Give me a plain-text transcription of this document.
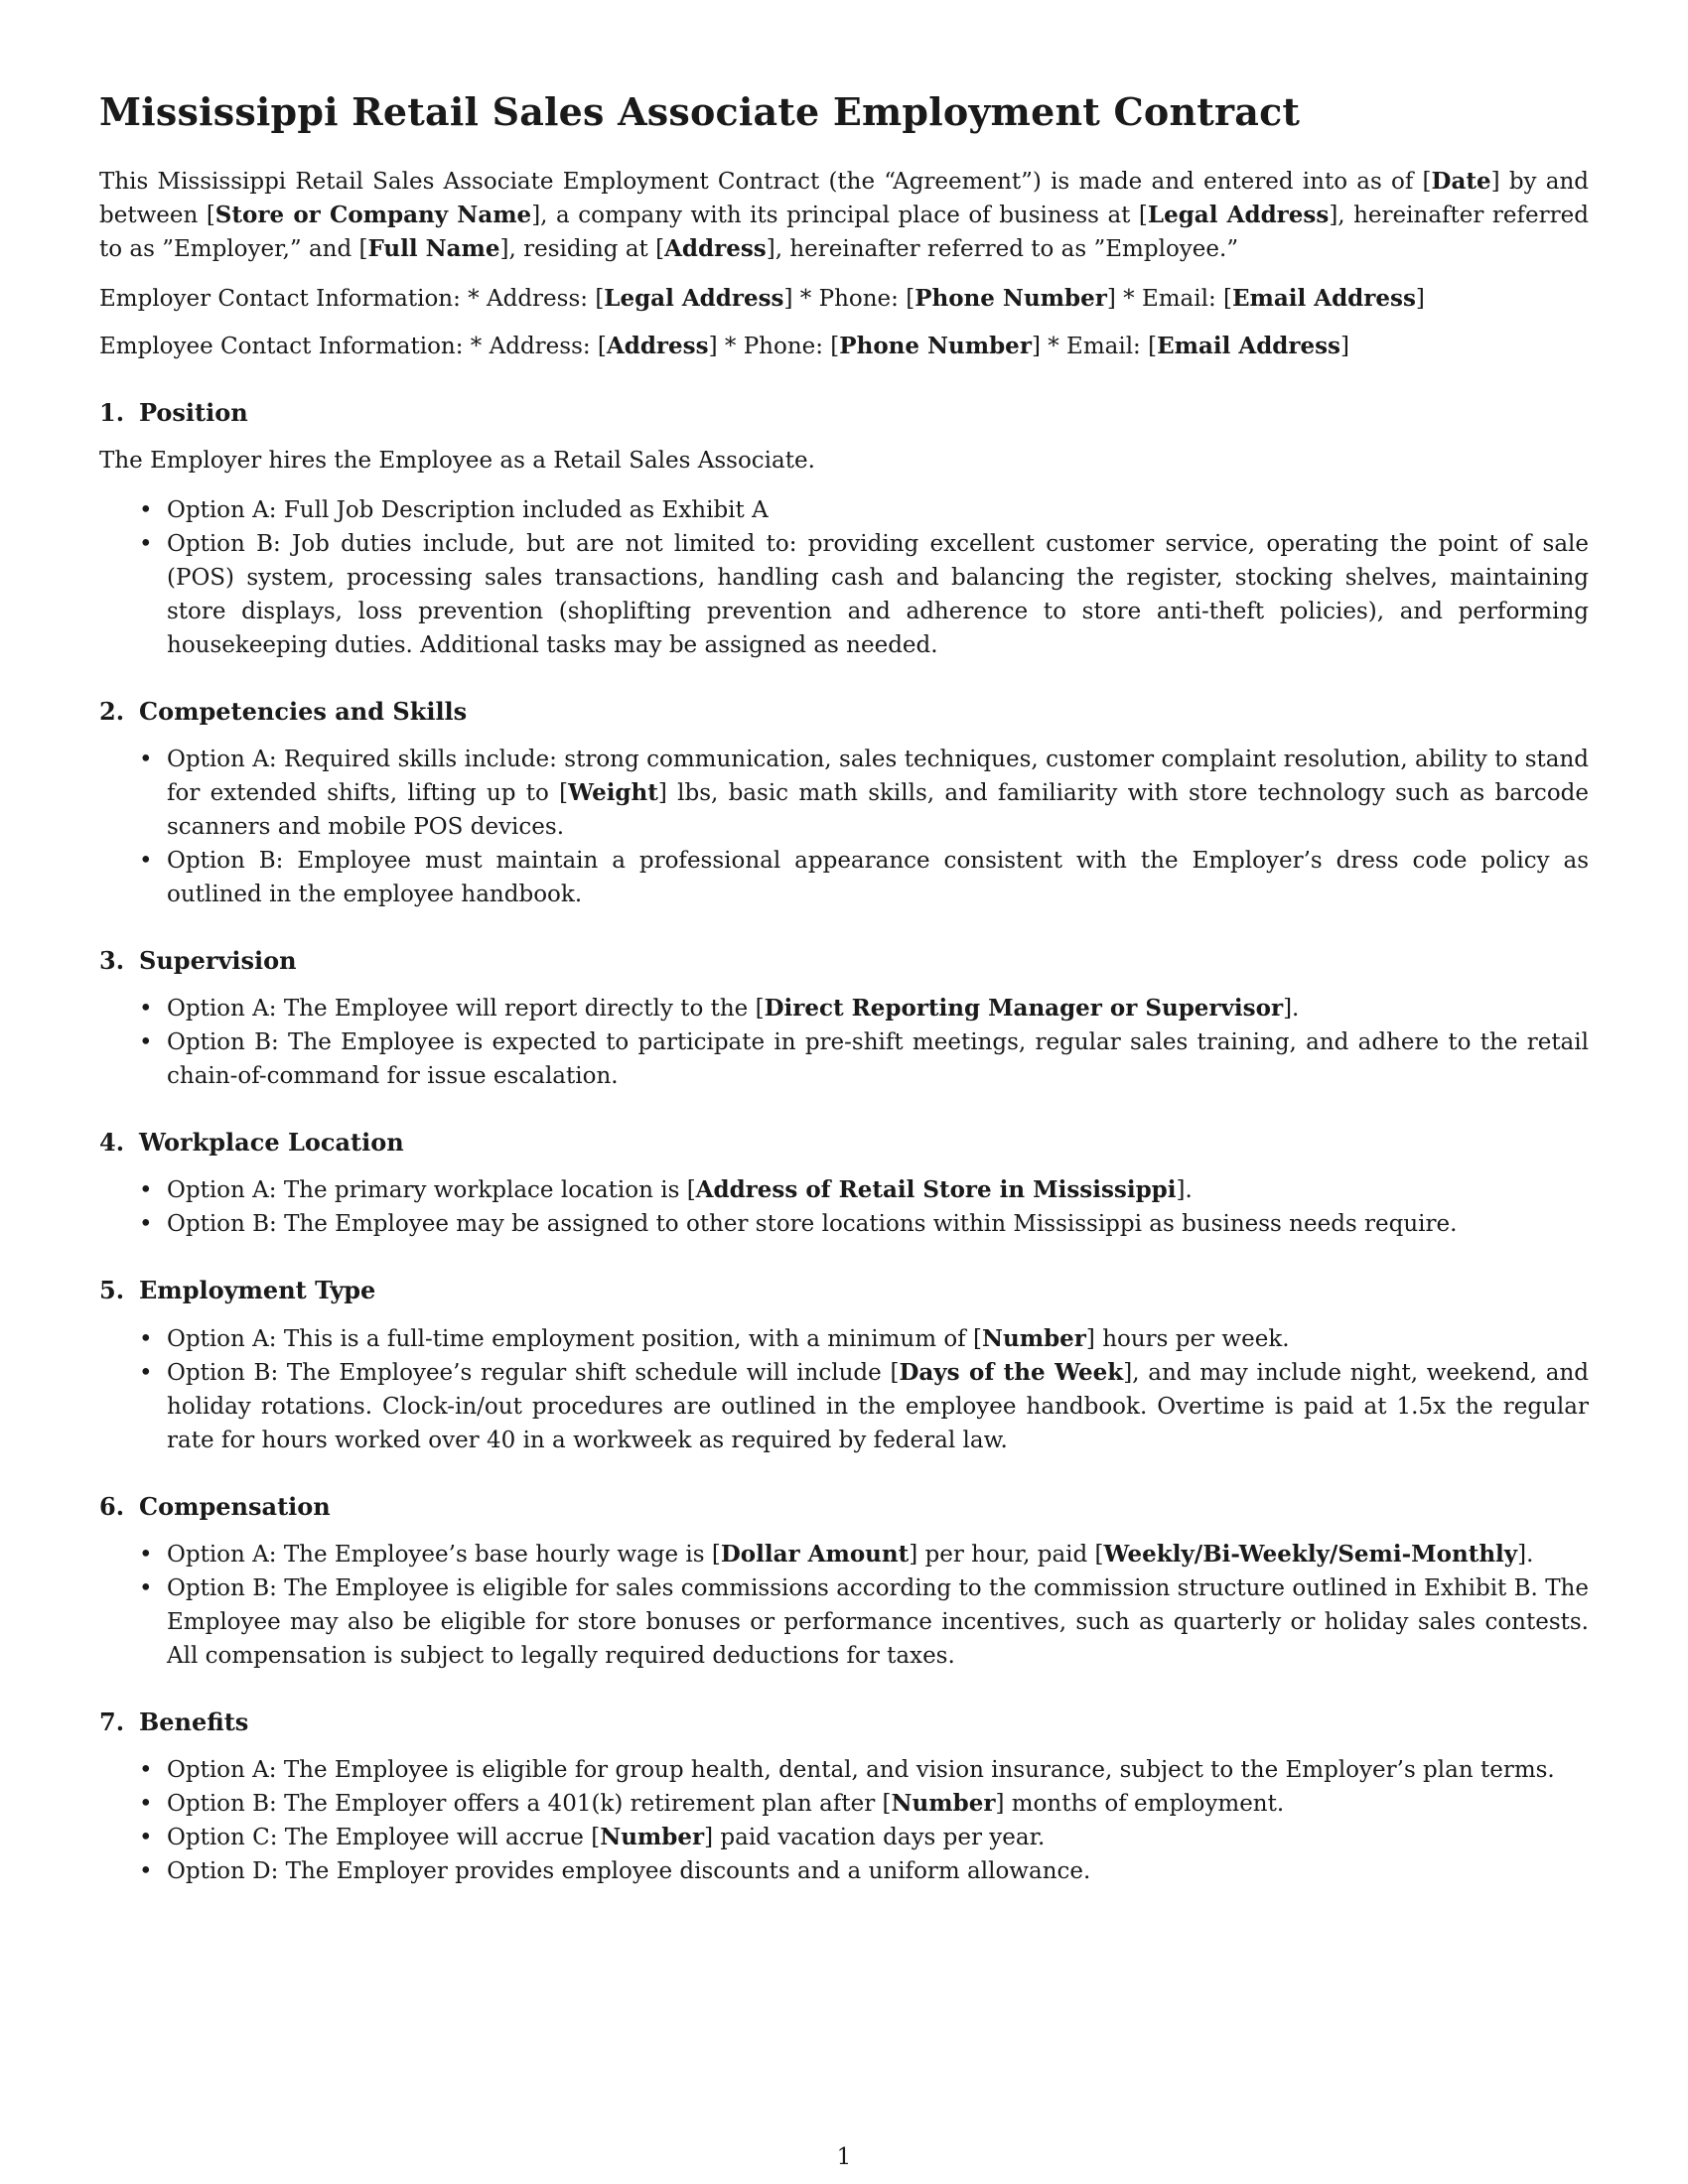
Mississippi Retail Sales Associate Employment Contract

This Mississippi Retail Sales Associate Employment Contract (the “Agreement”) is made and entered into as of [Date] by and between [Store or Company Name], a company with its principal place of business at [Legal Address], hereinafter referred to as ”Employer,” and [Full Name], residing at [Address], hereinafter referred to as ”Employee.”

Employer Contact Information: * Address: [Legal Address] * Phone: [Phone Number] * Email: [Email Address]

Employee Contact Information: * Address: [Address] * Phone: [Phone Number] * Email: [Email Address]

1. Position

The Employer hires the Employee as a Retail Sales Associate.

• Option A: Full Job Description included as Exhibit A
• Option B: Job duties include, but are not limited to: providing excellent customer service, operating the point of sale (POS) system, processing sales transactions, handling cash and balancing the register, stocking shelves, maintaining store displays, loss prevention (shoplifting prevention and adherence to store anti-theft policies), and performing housekeeping duties. Additional tasks may be assigned as needed.
2. Competencies and Skills
• Option A: Required skills include: strong communication, sales techniques, customer complaint resolution, ability to stand for extended shifts, lifting up to [Weight] lbs, basic math skills, and familiarity with store technology such as barcode scanners and mobile POS devices.
• Option B: Employee must maintain a professional appearance consistent with the Employer’s dress code policy as outlined in the employee handbook.
3. Supervision
• Option A: The Employee will report directly to the [Direct Reporting Manager or Supervisor].
• Option B: The Employee is expected to participate in pre-shift meetings, regular sales training, and adhere to the retail chain-of-command for issue escalation.
4. Workplace Location
• Option A: The primary workplace location is [Address of Retail Store in Mississippi].
• Option B: The Employee may be assigned to other store locations within Mississippi as business needs require.
5. Employment Type
• Option A: This is a full-time employment position, with a minimum of [Number] hours per week.
• Option B: The Employee’s regular shift schedule will include [Days of the Week], and may include night, weekend, and holiday rotations. Clock-in/out procedures are outlined in the employee handbook. Overtime is paid at 1.5x the regular rate for hours worked over 40 in a workweek as required by federal law.
6. Compensation
• Option A: The Employee’s base hourly wage is [Dollar Amount] per hour, paid [Weekly/Bi-Weekly/Semi-Monthly].
• Option B: The Employee is eligible for sales commissions according to the commission structure outlined in Exhibit B. The Employee may also be eligible for store bonuses or performance incentives, such as quarterly or holiday sales contests. All compensation is subject to legally required deductions for taxes.
7. Benefits
• Option A: The Employee is eligible for group health, dental, and vision insurance, subject to the Employer’s plan terms.
• Option B: The Employer offers a 401(k) retirement plan after [Number] months of employment.
• Option C: The Employee will accrue [Number] paid vacation days per year.
• Option D: The Employer provides employee discounts and a uniform allowance.
1
